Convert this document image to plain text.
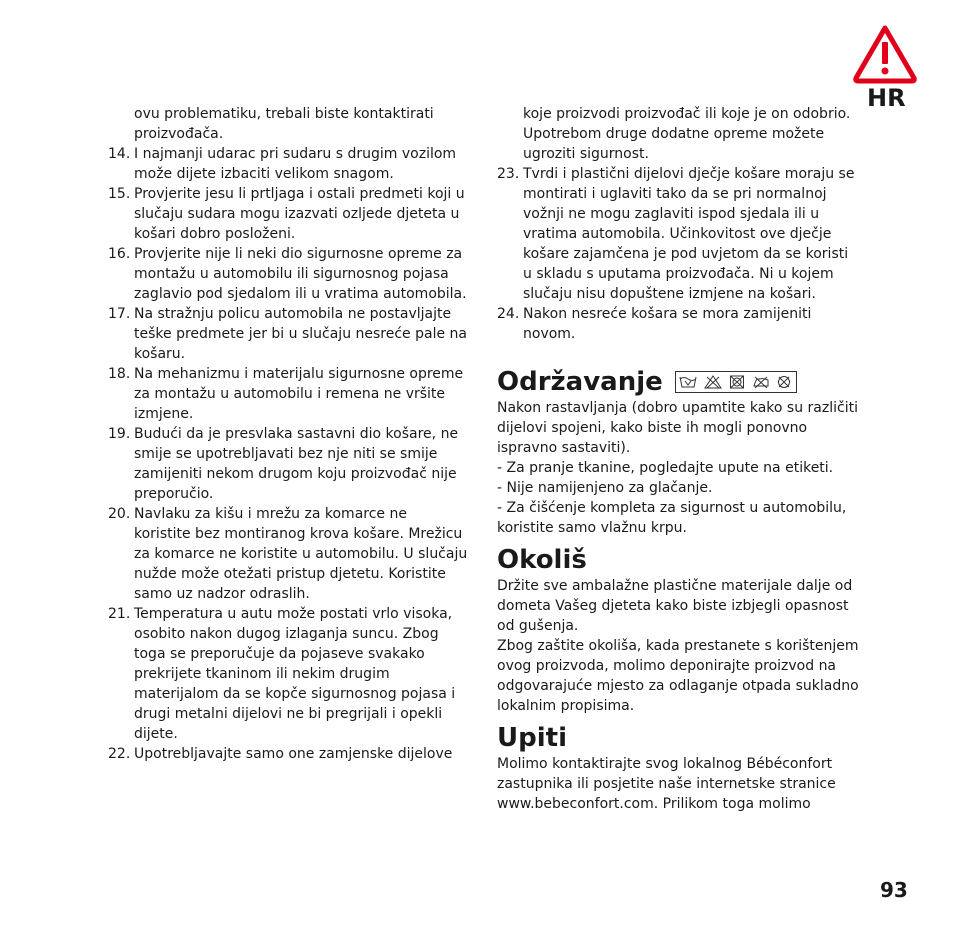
HR
ovu problematiku, trebali biste kontaktirati proizvođača.
14. I najmanji udarac pri sudaru s drugim vozilom može dijete izbaciti velikom snagom.
15. Provjerite jesu li prtljaga i ostali predmeti koji u slučaju sudara mogu izazvati ozljede djeteta u košari dobro posloženi.
16. Provjerite nije li neki dio sigurnosne opreme za montažu u automobilu ili sigurnosnog pojasa zaglavio pod sjedalom ili u vratima automobila.
17. Na stražnju policu automobila ne postavljajte teške predmete jer bi u slučaju nesreće pale na košaru.
18. Na mehanizmu i materijalu sigurnosne opreme za montažu u automobilu i remena ne vršite izmjene.
19. Budući da je presvlaka sastavni dio košare, ne smije se upotrebljavati bez nje niti se smije zamijeniti nekom drugom koju proizvođač nije preporučio.
20. Navlaku za kišu i mrežu za komarce ne koristite bez montiranog krova košare. Mrežicu za komarce ne koristite u automobilu. U slučaju nužde može otežati pristup djetetu. Koristite samo uz nadzor odraslih.
21. Temperatura u autu može postati vrlo visoka, osobito nakon dugog izlaganja suncu. Zbog toga se preporučuje da pojaseve svakako prekrijete tkaninom ili nekim drugim materijalom da se kopče sigurnosnog pojasa i drugi metalni dijelovi ne bi pregrijali i opekli dijete.
22. Upotrebljavajte samo one zamjenske dijelove
koje proizvodi proizvođač ili koje je on odobrio. Upotrebom druge dodatne opreme možete ugroziti sigurnost.
23. Tvrdi i plastični dijelovi dječje košare moraju se montirati i uglaviti tako da se pri normalnoj vožnji ne mogu zaglaviti ispod sjedala ili u vratima automobila. Učinkovitost ove dječje košare zajamčena je pod uvjetom da se koristi u skladu s uputama proizvođača. Ni u kojem slučaju nisu dopuštene izmjene na košari.
24. Nakon nesreće košara se mora zamijeniti novom.
Održavanje
Nakon rastavljanja (dobro upamtite kako su različiti dijelovi spojeni, kako biste ih mogli ponovno ispravno sastaviti).
- Za pranje tkanine, pogledajte upute na etiketi.
- Nije namijenjeno za glačanje.
- Za čišćenje kompleta za sigurnost u automobilu, koristite samo vlažnu krpu.
Okoliš
Držite sve ambalažne plastične materijale dalje od dometa Vašeg djeteta kako biste izbjegli opasnost od gušenja.
Zbog zaštite okoliša, kada prestanete s korištenjem ovog proizvoda, molimo deponirajte proizvod na odgovarajuće mjesto za odlaganje otpada sukladno lokalnim propisima.
Upiti
Molimo kontaktirajte svog lokalnog Bébéconfort zastupnika ili posjetite naše internetske stranice www.bebeconfort.com. Prilikom toga molimo
93
